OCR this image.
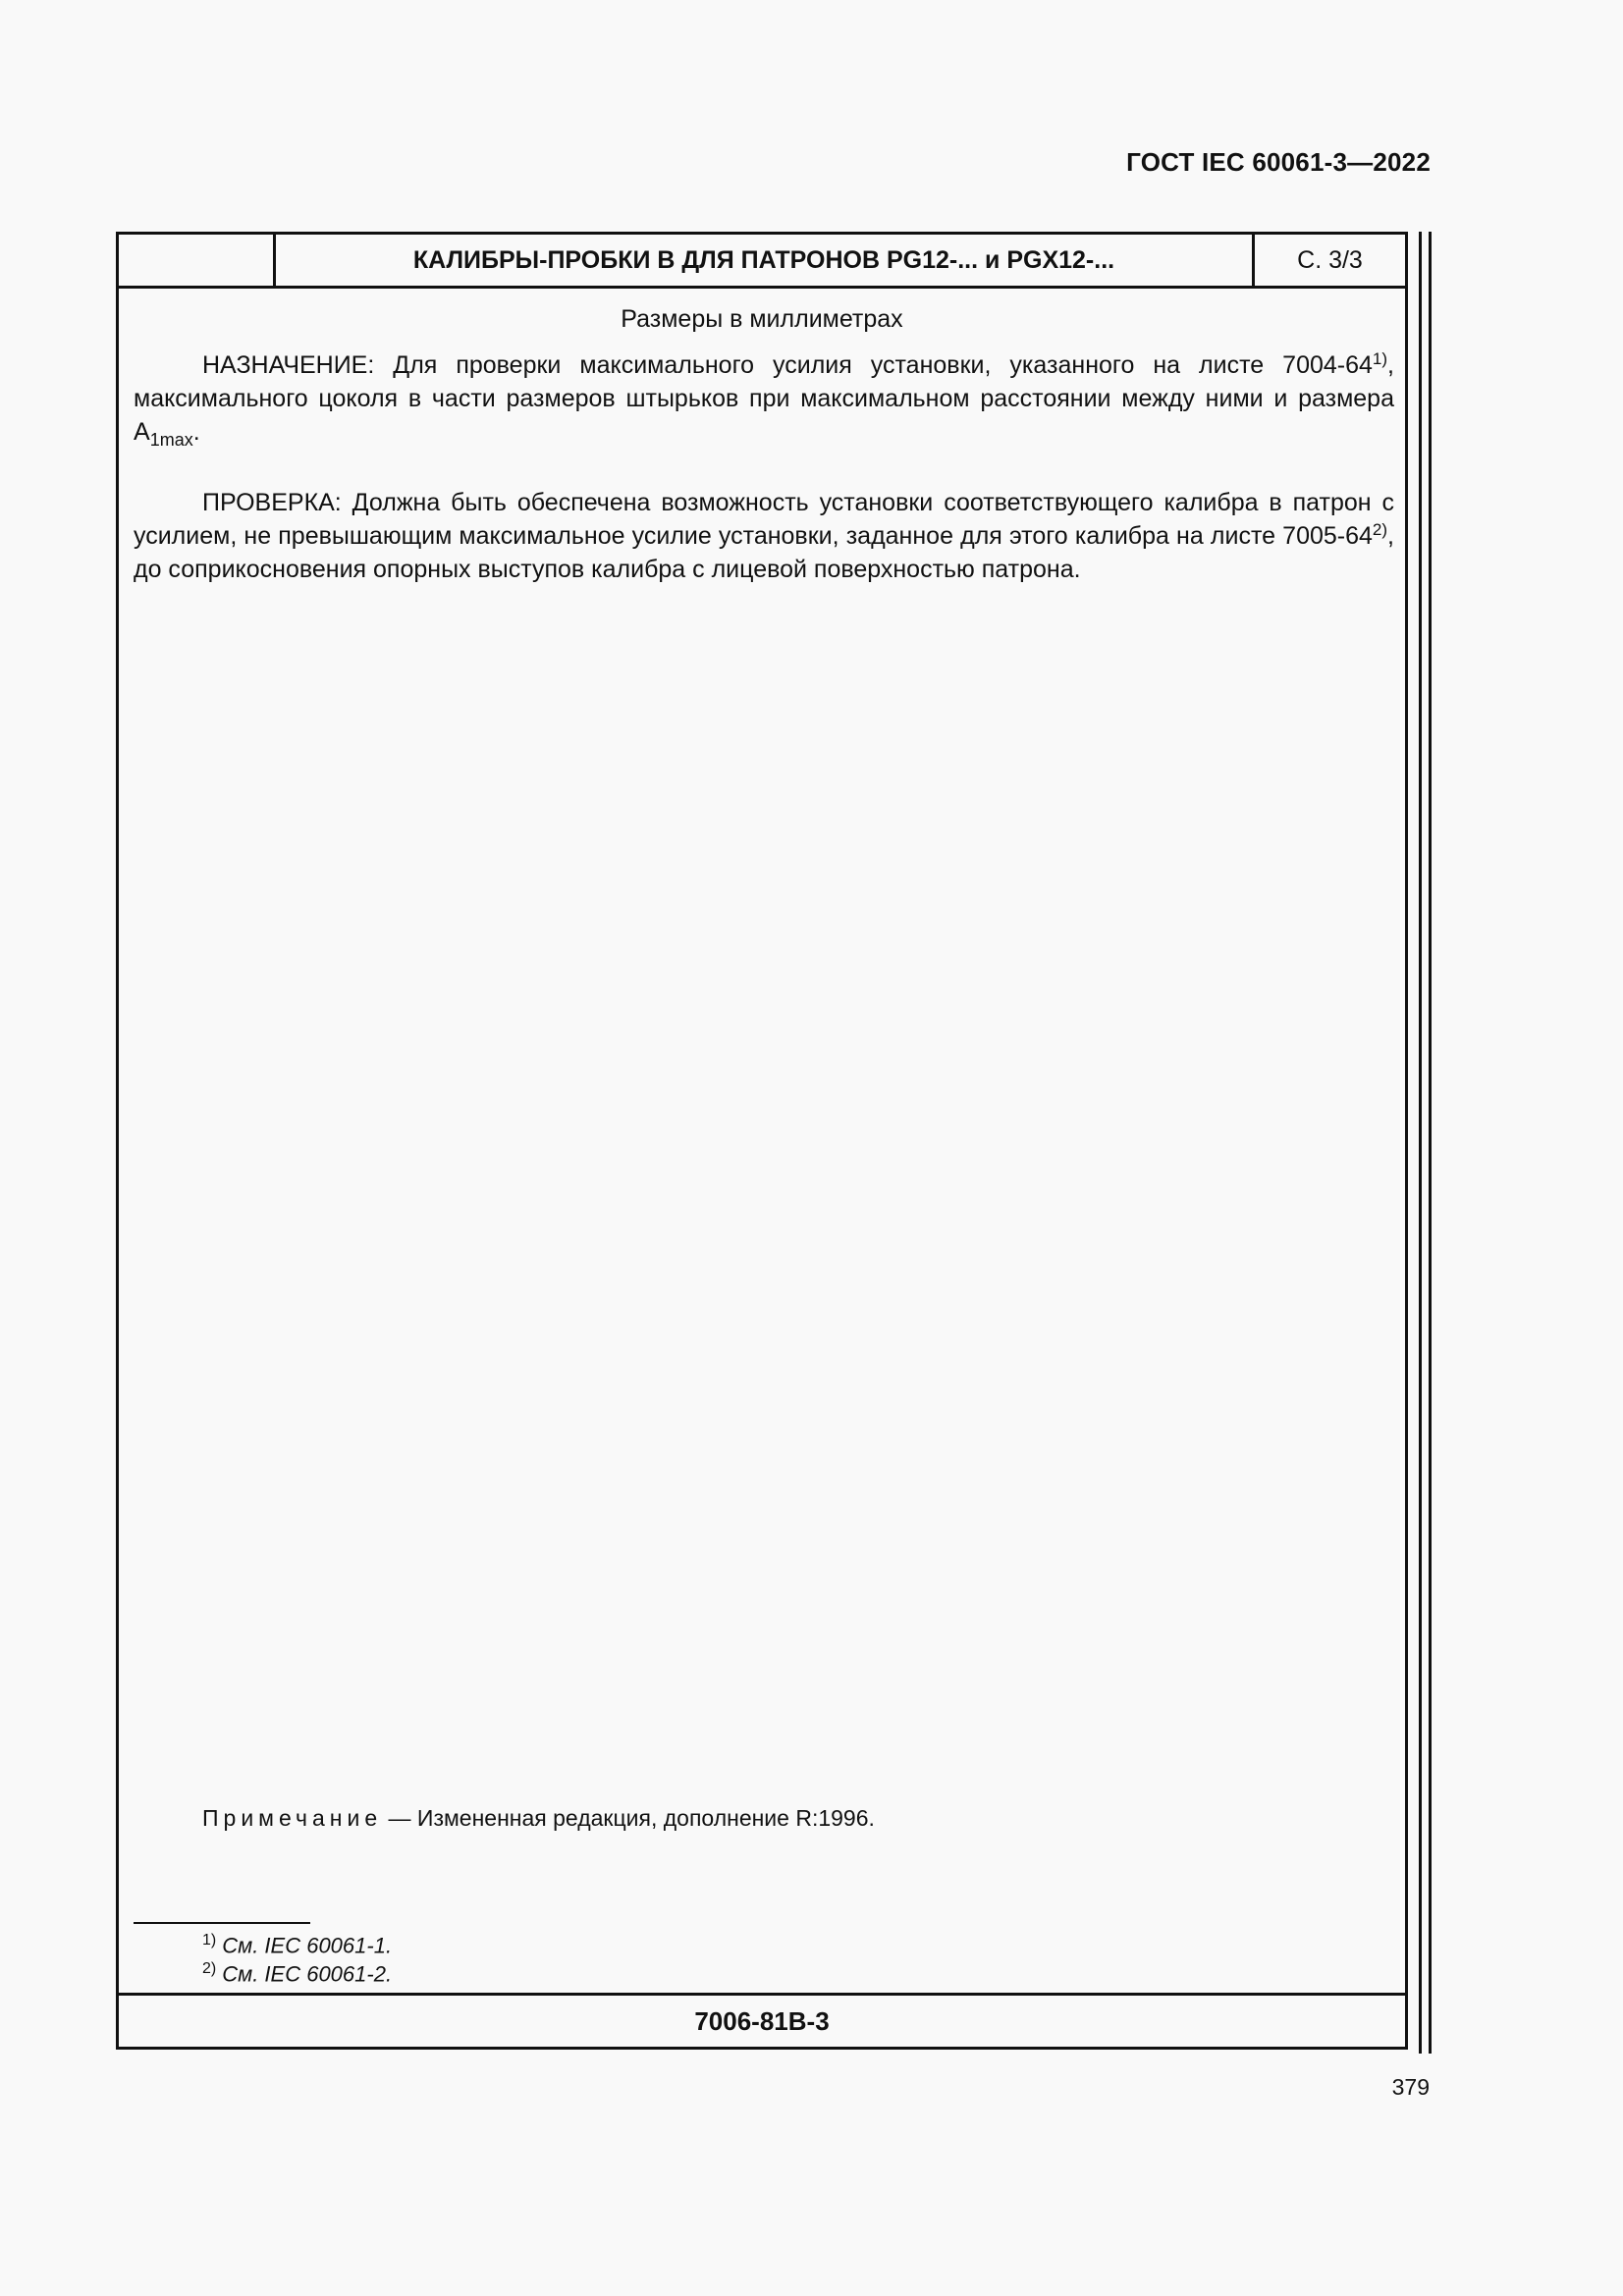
ГОСТ IEC 60061-3—2022
КАЛИБРЫ-ПРОБКИ В ДЛЯ ПАТРОНОВ PG12-... и PGX12-...	С. 3/3
Размеры в миллиметрах
НАЗНАЧЕНИЕ: Для проверки максимального усилия установки, указанного на листе 7004-64$^{1)}$, максимального цоколя в части размеров штырьков при максимальном расстоянии между ними и размера $А_{1max}$.
ПРОВЕРКА: Должна быть обеспечена возможность установки соответствующего калибра в патрон с усилием, не превышающим максимальное усилие установки, заданное для этого калибра на листе 7005-64$^{2)}$, до соприкосновения опорных выступов калибра с лицевой поверхностью патрона.
Примечание — Измененная редакция, дополнение R:1996.
$^{1)}$ См. IEC 60061-1.
$^{2)}$ См. IEC 60061-2.
7006-81В-3
379
